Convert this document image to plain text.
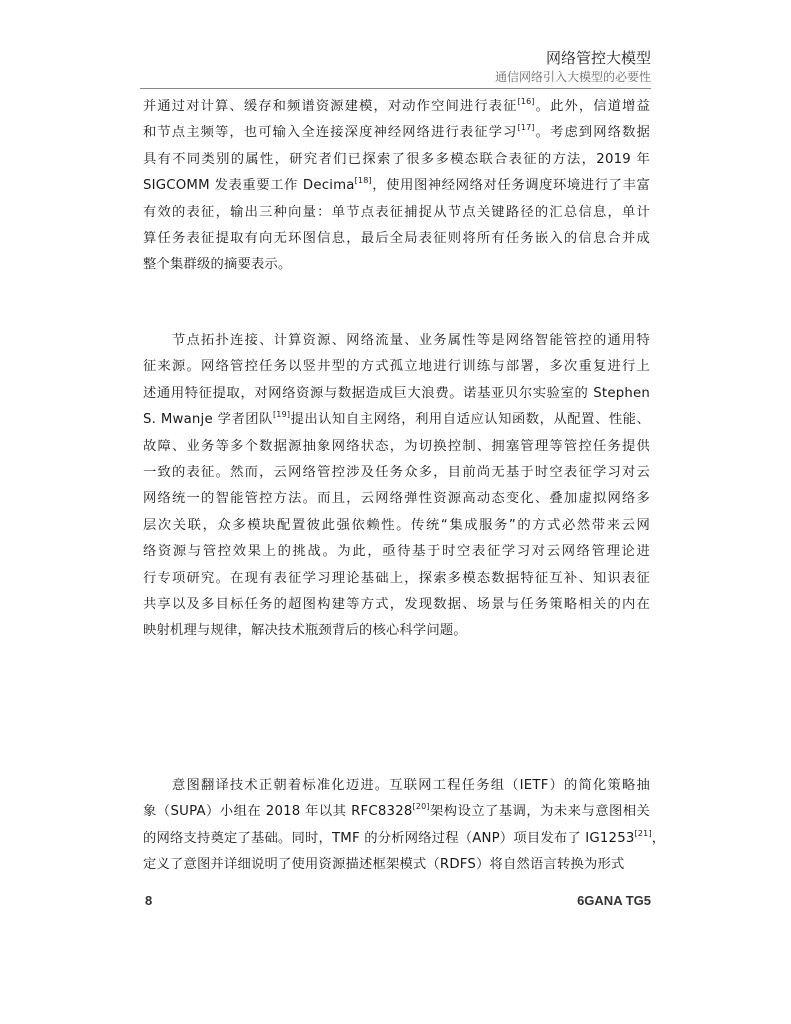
网络管控大模型
通信网络引入大模型的必要性
并通过对计算、缓存和频谱资源建模，对动作空间进行表征[16]。此外，信道增益
和节点主频等，也可输入全连接深度神经网络进行表征学习[17]。考虑到网络数据
具有不同类别的属性，研究者们已探索了很多多模态联合表征的方法，2019 年
SIGCOMM 发表重要工作 Decima[18]，使用图神经网络对任务调度环境进行了丰富
有效的表征，输出三种向量：单节点表征捕捉从节点关键路径的汇总信息，单计
算任务表征提取有向无环图信息，最后全局表征则将所有任务嵌入的信息合并成
整个集群级的摘要表示。
　　节点拓扑连接、计算资源、网络流量、业务属性等是网络智能管控的通用特
征来源。网络管控任务以竖井型的方式孤立地进行训练与部署，多次重复进行上
述通用特征提取，对网络资源与数据造成巨大浪费。诺基亚贝尔实验室的 Stephen
S. Mwanje 学者团队[19]提出认知自主网络，利用自适应认知函数，从配置、性能、
故障、业务等多个数据源抽象网络状态，为切换控制、拥塞管理等管控任务提供
一致的表征。然而，云网络管控涉及任务众多，目前尚无基于时空表征学习对云
网络统一的智能管控方法。而且，云网络弹性资源高动态变化、叠加虚拟网络多
层次关联，众多模块配置彼此强依赖性。传统“集成服务”的方式必然带来云网
络资源与管控效果上的挑战。为此，亟待基于时空表征学习对云网络管理论进
行专项研究。在现有表征学习理论基础上，探索多模态数据特征互补、知识表征
共享以及多目标任务的超图构建等方式，发现数据、场景与任务策略相关的内在
映射机理与规律，解决技术瓶颈背后的核心科学问题。
　　意图翻译技术正朝着标准化迈进。互联网工程任务组（IETF）的简化策略抽
象（SUPA）小组在 2018 年以其 RFC8328[20]架构设立了基调，为未来与意图相关
的网络支持奠定了基础。同时，TMF 的分析网络过程（ANP）项目发布了 IG1253[21]，
定义了意图并详细说明了使用资源描述框架模式（RDFS）将自然语言转换为形式
8	6GANA TG5
